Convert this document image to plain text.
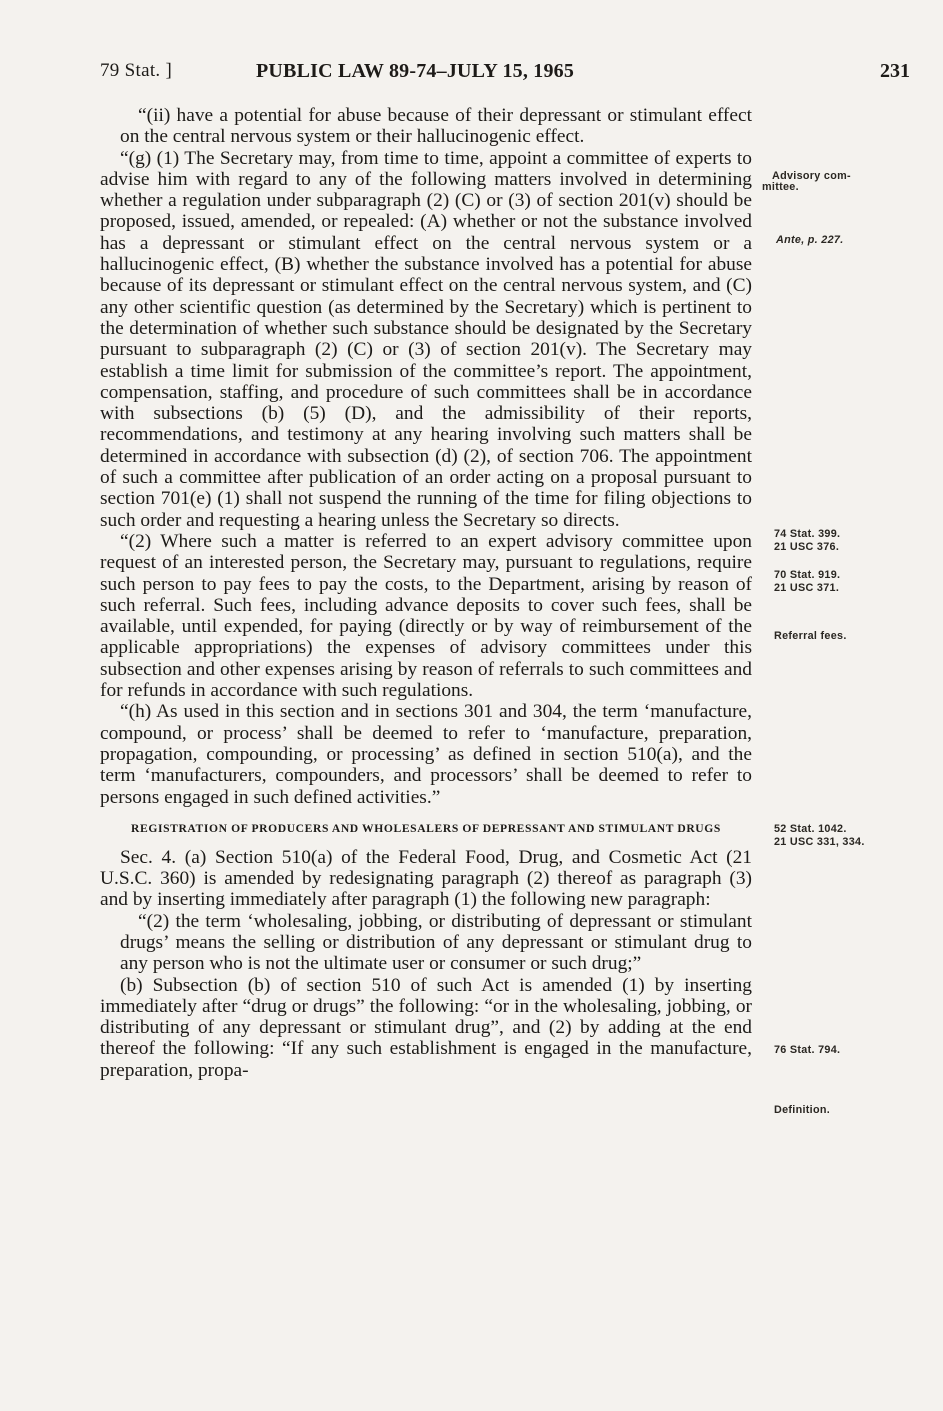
79 Stat. ]	PUBLIC LAW 89-74–JULY 15, 1965	231

“(ii) have a potential for abuse because of their depressant or stimulant effect on the central nervous system or their hallucinogenic effect.

“(g) (1) The Secretary may, from time to time, appoint a committee of experts to advise him with regard to any of the following matters involved in determining whether a regulation under subparagraph (2) (C) or (3) of section 201(v) should be proposed, issued, amended, or repealed: (A) whether or not the substance involved has a depressant or stimulant effect on the central nervous system or a hallucinogenic effect, (B) whether the substance involved has a potential for abuse because of its depressant or stimulant effect on the central nervous system, and (C) any other scientific question (as determined by the Secretary) which is pertinent to the determination of whether such substance should be designated by the Secretary pursuant to subparagraph (2) (C) or (3) of section 201(v). The Secretary may establish a time limit for submission of the committee’s report. The appointment, compensation, staffing, and procedure of such committees shall be in accordance with subsections (b) (5) (D), and the admissibility of their reports, recommendations, and testimony at any hearing involving such matters shall be determined in accordance with subsection (d) (2), of section 706. The appointment of such a committee after publication of an order acting on a proposal pursuant to section 701(e) (1) shall not suspend the running of the time for filing objections to such order and requesting a hearing unless the Secretary so directs.

“(2) Where such a matter is referred to an expert advisory committee upon request of an interested person, the Secretary may, pursuant to regulations, require such person to pay fees to pay the costs, to the Department, arising by reason of such referral. Such fees, including advance deposits to cover such fees, shall be available, until expended, for paying (directly or by way of reimbursement of the applicable appropriations) the expenses of advisory committees under this subsection and other expenses arising by reason of referrals to such committees and for refunds in accordance with such regulations.

“(h) As used in this section and in sections 301 and 304, the term ‘manufacture, compound, or process’ shall be deemed to refer to ‘manufacture, preparation, propagation, compounding, or processing’ as defined in section 510(a), and the term ‘manufacturers, compounders, and processors’ shall be deemed to refer to persons engaged in such defined activities.”

REGISTRATION OF PRODUCERS AND WHOLESALERS OF DEPRESSANT AND STIMULANT DRUGS

Sec. 4. (a) Section 510(a) of the Federal Food, Drug, and Cosmetic Act (21 U.S.C. 360) is amended by redesignating paragraph (2) thereof as paragraph (3) and by inserting immediately after paragraph (1) the following new paragraph:

“(2) the term ‘wholesaling, jobbing, or distributing of depressant or stimulant drugs’ means the selling or distribution of any depressant or stimulant drug to any person who is not the ultimate user or consumer or such drug;”

(b) Subsection (b) of section 510 of such Act is amended (1) by inserting immediately after “drug or drugs” the following: “or in the wholesaling, jobbing, or distributing of any depressant or stimulant drug”, and (2) by adding at the end thereof the following: “If any such establishment is engaged in the manufacture, preparation, propa-

Advisory com-
mittee.
Ante, p. 227.
74 Stat. 399.
21 USC 376.
70 Stat. 919.
21 USC 371.
Referral fees.
52 Stat. 1042.
21 USC 331, 334.
76 Stat. 794.
Definition.
